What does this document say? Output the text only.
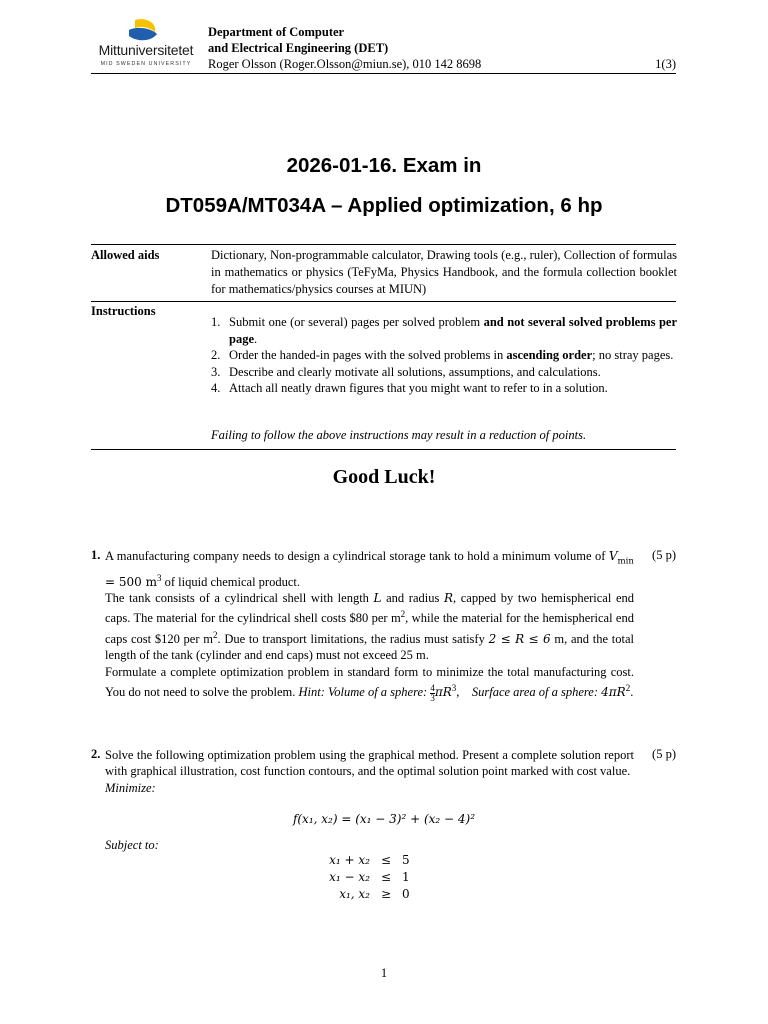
Mittuniversitetet
MID SWEDEN UNIVERSITY
Department of Computer
and Electrical Engineering (DET)
Roger Olsson (Roger.Olsson@miun.se), 010 142 8698	1(3)
2026-01-16. Exam in
DT059A/MT034A – Applied optimization, 6 hp
Allowed aids	Dictionary, Non-programmable calculator, Drawing tools (e.g., ruler), Collection of formulas in mathematics or physics (TeFyMa, Physics Handbook, and the formula collection booklet for mathematics/physics courses at MIUN)
Instructions
1. Submit one (or several) pages per solved problem and not several solved problems per page.
2. Order the handed-in pages with the solved problems in ascending order; no stray pages.
3. Describe and clearly motivate all solutions, assumptions, and calculations.
4. Attach all neatly drawn figures that you might want to refer to in a solution.
Failing to follow the above instructions may result in a reduction of points.
Good Luck!
1.	(5 p)

A manufacturing company needs to design a cylindrical storage tank to hold a minimum volume of $V_{min} = 500$ $m^3$ of liquid chemical product.

The tank consists of a cylindrical shell with length L and radius R, capped by two hemispherical end caps. The material for the cylindrical shell costs $80 per $m^2$, while the material for the hemispherical end caps cost $120 per $m^2$. Due to transport limitations, the radius must satisfy 2 ≤ R ≤ 6 m, and the total length of the tank (cylinder and end caps) must not exceed 25 m.

Formulate a complete optimization problem in standard form to minimize the total manufacturing cost. You do not need to solve the problem. Hint: Volume of a sphere: $\frac{4}{3} \pi R^3$,    Surface area of a sphere: $4\pi R^2$.

2.	(5 p)

Solve the following optimization problem using the graphical method. Present a complete solution report with graphical illustration, cost function contours, and the optimal solution point marked with cost value.

Minimize:

f(x₁, x₂) = (x₁ − 3)² + (x₂ − 4)²
Subject to:
x₁ + x₂ ≤ 5
x₁ − x₂ ≤ 1
x₁, x₂ ≥ 0
1
